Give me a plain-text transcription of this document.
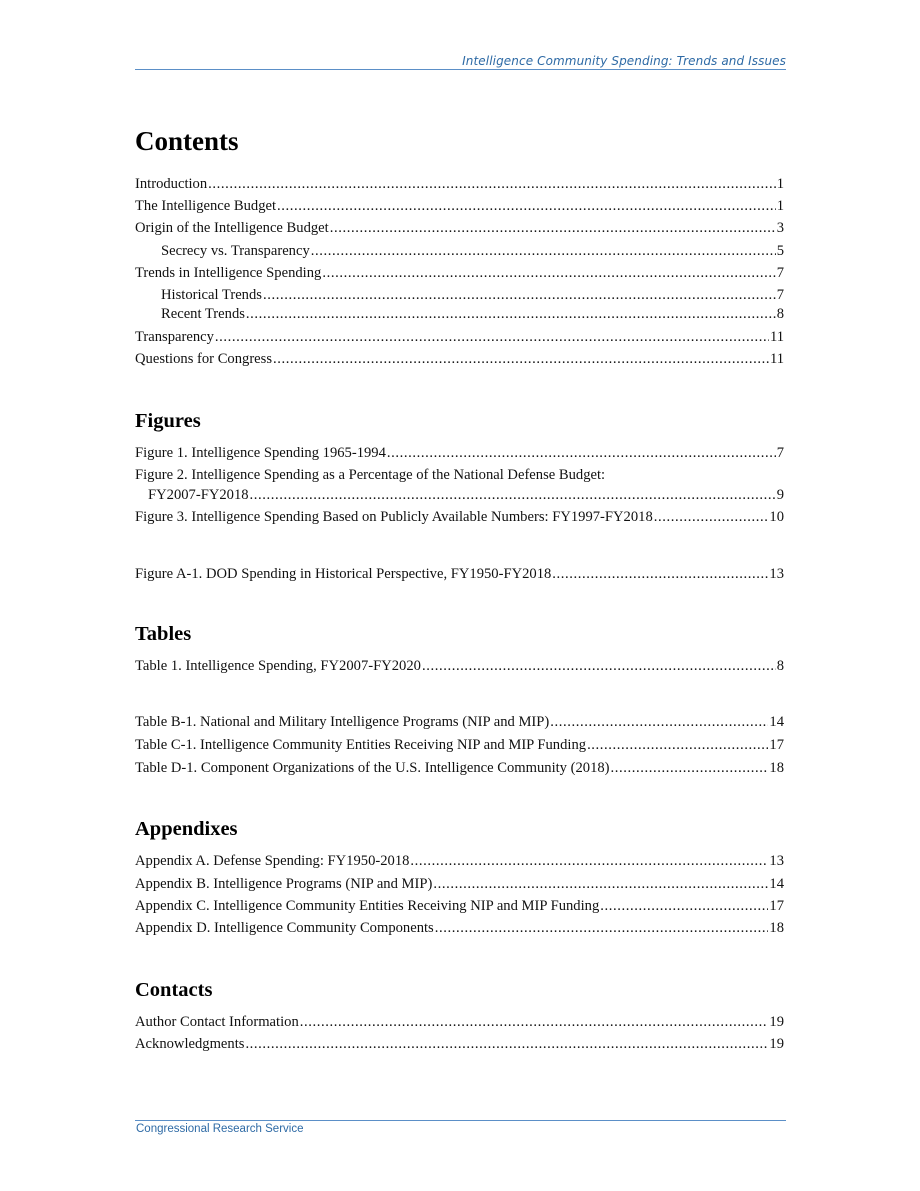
Intelligence Community Spending: Trends and Issues
Contents
Introduction .....	1
The Intelligence Budget .....	1
Origin of the Intelligence Budget .....	3
Secrecy vs. Transparency .....	5
Trends in Intelligence Spending .....	7
Historical Trends .....	7
Recent Trends .....	8
Transparency .....	11
Questions for Congress .....	11
Figures
Figure 1. Intelligence Spending 1965-1994 .....	7
Figure 2. Intelligence Spending as a Percentage of the National Defense Budget:
FY2007-FY2018 .....	9
Figure 3. Intelligence Spending Based on Publicly Available Numbers: FY1997-FY2018 .....	10
Figure A-1. DOD Spending in Historical Perspective, FY1950-FY2018 .....	13
Tables
Table 1. Intelligence Spending, FY2007-FY2020 .....	8
Table B-1. National and Military Intelligence Programs (NIP and MIP) .....	14
Table C-1. Intelligence Community Entities Receiving NIP and MIP Funding .....	17
Table D-1. Component Organizations of the U.S. Intelligence Community (2018) .....	18
Appendixes
Appendix A. Defense Spending: FY1950-2018 .....	13
Appendix B. Intelligence Programs (NIP and MIP) .....	14
Appendix C. Intelligence Community Entities Receiving NIP and MIP Funding .....	17
Appendix D. Intelligence Community Components .....	18
Contacts
Author Contact Information .....	19
Acknowledgments .....	19
Congressional Research Service
